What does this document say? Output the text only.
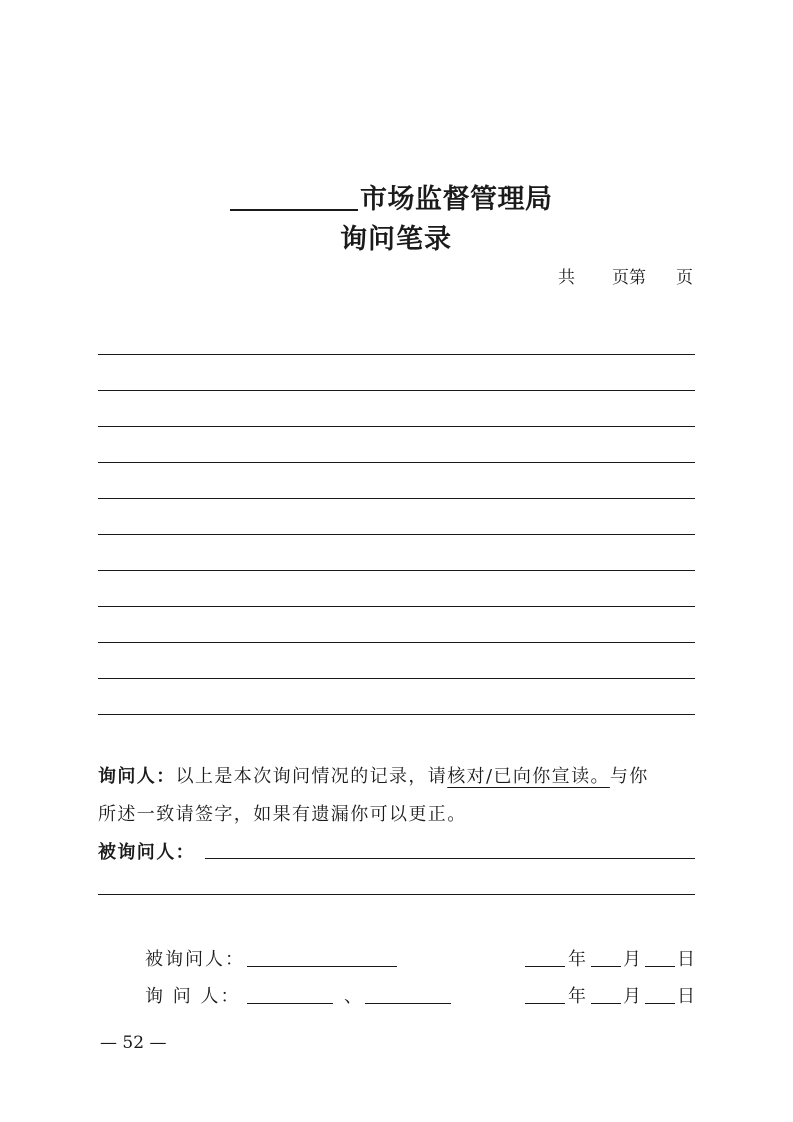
市场监督管理局
询问笔录
共 页第 页
询问人：以上是本次询问情况的记录，请核对/已向你宣读。与你
所述一致请签字，如果有遗漏你可以更正。
被询问人：
被询问人：	年 月 日
询 问 人：	、	年 月 日
— 52 —
